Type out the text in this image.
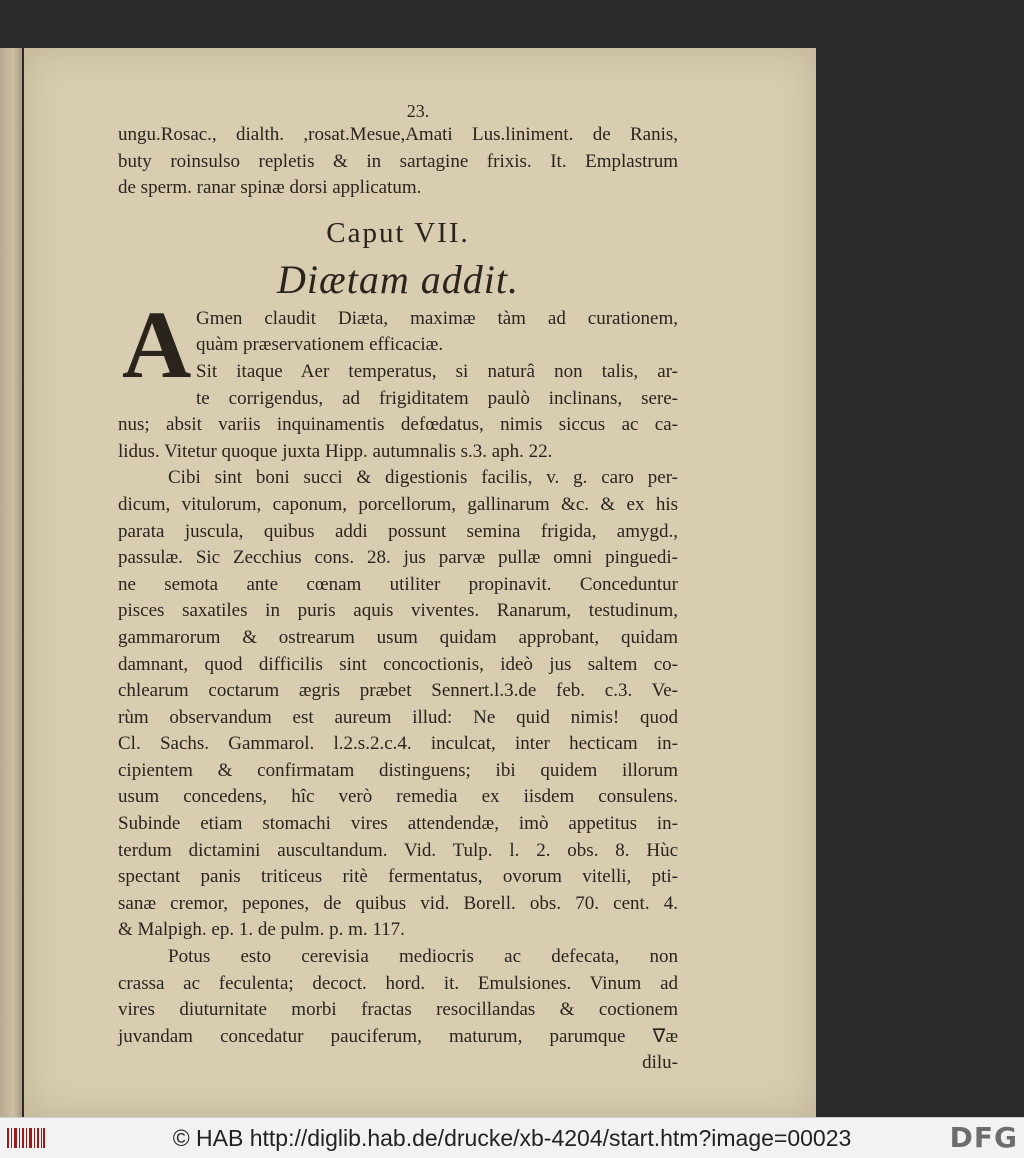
23.
ungu.Rosac., dialth. ,rosat.Mesue,Amati Lus.liniment. de Ranis,
buty roinsulso repletis & in sartagine frixis. It. Emplastrum
de sperm. ranar spinæ dorsi applicatum.
Caput VII.
Diætam addit.
A Gmen claudit Diæta, maximæ tàm ad curationem,
quàm præservationem efficaciæ.
Sit itaque Aer temperatus, si naturâ non talis, ar-
te corrigendus, ad frigiditatem paulò inclinans, sere-
nus; absit variis inquinamentis defœdatus, nimis siccus ac ca-
lidus. Vitetur quoque juxta Hipp. autumnalis s.3. aph. 22.
Cibi sint boni succi & digestionis facilis, v. g. caro per-
dicum, vitulorum, caponum, porcellorum, gallinarum &c. & ex his
parata juscula, quibus addi possunt semina frigida, amygd.,
passulæ. Sic Zecchius cons. 28. jus parvæ pullæ omni pinguedi-
ne semota ante cœnam utiliter propinavit. Conceduntur
pisces saxatiles in puris aquis viventes. Ranarum, testudinum,
gammarorum & ostrearum usum quidam approbant, quidam
damnant, quod difficilis sint concoctionis, ideò jus saltem co-
chlearum coctarum ægris præbet Sennert.l.3.de feb. c.3. Ve-
rùm observandum est aureum illud: Ne quid nimis! quod
Cl. Sachs. Gammarol. l.2.s.2.c.4. inculcat, inter hecticam in-
cipientem & confirmatam distinguens; ibi quidem illorum
usum concedens, hîc verò remedia ex iisdem consulens.
Subinde etiam stomachi vires attendendæ, imò appetitus in-
terdum dictamini auscultandum. Vid. Tulp. l. 2. obs. 8. Hùc
spectant panis triticeus ritè fermentatus, ovorum vitelli, pti-
sanæ cremor, pepones, de quibus vid. Borell. obs. 70. cent. 4.
& Malpigh. ep. 1. de pulm. p. m. 117.
Potus esto cerevisia mediocris ac defecata, non
crassa ac feculenta; decoct. hord. it. Emulsiones. Vinum ad
vires diuturnitate morbi fractas resocillandas & coctionem
juvandam concedatur pauciferum, maturum, parumque ∇æ
dilu-
© HAB http://diglib.hab.de/drucke/xb-4204/start.htm?image=00023	DFG
